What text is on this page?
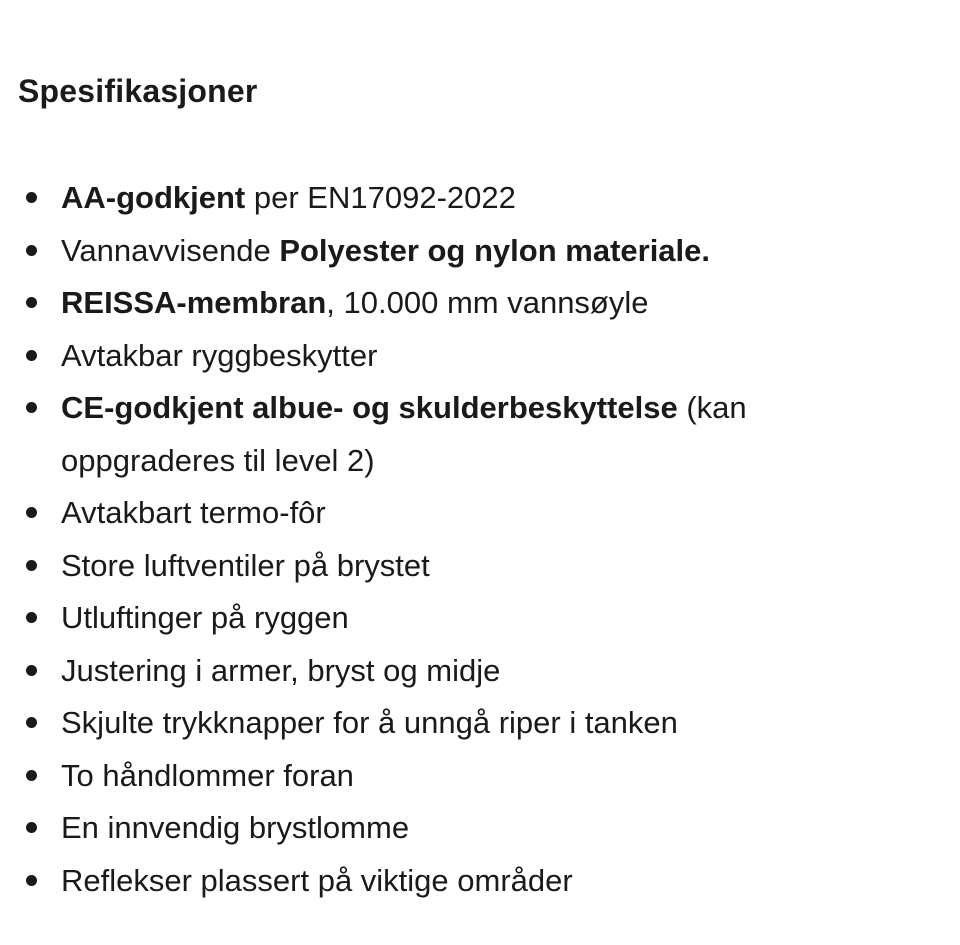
Spesifikasjoner
AA-godkjent per EN17092-2022
Vannavvisende Polyester og nylon materiale.
REISSA-membran, 10.000 mm vannsøyle
Avtakbar ryggbeskytter
CE-godkjent albue- og skulderbeskyttelse (kan oppgraderes til level 2)
Avtakbart termo-fôr
Store luftventiler på brystet
Utluftinger på ryggen
Justering i armer, bryst og midje
Skjulte trykknapper for å unngå riper i tanken
To håndlommer foran
En innvendig brystlomme
Reflekser plassert på viktige områder
